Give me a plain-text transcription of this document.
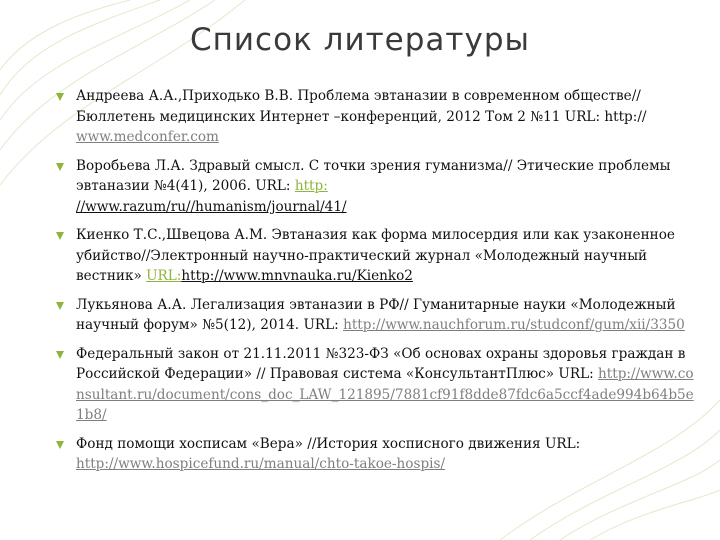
Список литературы
Андреева А.А.,Приходько В.В. Проблема эвтаназии в современном обществе// Бюллетень медицинских Интернет –конференций, 2012 Том 2 №11 URL: http:// www.medconfer.com
Воробьева Л.А. Здравый смысл. С точки зрения гуманизма// Этические проблемы эвтаназии №4(41), 2006. URL: http:
//www.razum/ru//humanism/journal/41/
Киенко Т.С.,Швецова А.М. Эвтаназия как форма милосердия или как узаконенное убийство//Электронный научно-практический журнал «Молодежный научный вестник» URL:http://www.mnvnauka.ru/Kienko2
Лукьянова А.А. Легализация эвтаназии в РФ// Гуманитарные науки «Молодежный научный форум» №5(12), 2014. URL: http://www.nauchforum.ru/studconf/gum/xii/3350
Федеральный закон от 21.11.2011 №323-ФЗ «Об основах охраны здоровья граждан в Российской Федерации» // Правовая система «КонсультантПлюс» URL: http://www.consultant.ru/document/cons_doc_LAW_121895/7881cf91f8dde87fdc6a5ccf4ade994b64b5e1b8/
Фонд помощи хосписам «Вера» //История хосписного движения URL: http://www.hospicefund.ru/manual/chto-takoe-hospis/
